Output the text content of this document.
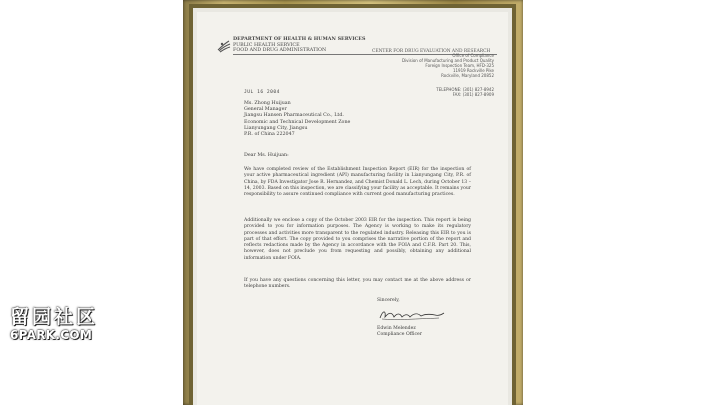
DEPARTMENT OF HEALTH & HUMAN SERVICES
PUBLIC HEALTH SERVICE
FOOD AND DRUG ADMINISTRATION	CENTER FOR DRUG EVALUATION AND RESEARCH
Office of Compliance
Division of Manufacturing and Product Quality
Foreign Inspection Team, HFD-325
11919 Rockville Pike
Rockville, Maryland 20852
TELEPHONE: (301) 827-8942
FAX: (301) 827-8909
JUL 16 2004
Ms. Zhong Huijuan
General Manager
Jiangsu Hansen Pharmaceutical Co., Ltd.
Economic and Technical Development Zone
Lianyungang City, Jiangsu
P.R. of China 222047
Dear Ms. Huijuan:
We have completed review of the Establishment Inspection Report (EIR) for the inspection of your active pharmaceutical ingredient (API) manufacturing facility in Lianyungang City, P.R. of China, by FDA Investigator Jose R. Hernandez, and Chemist Donald L. Lech, during October 13 – 14, 2003. Based on this inspection, we are classifying your facility as acceptable. It remains your responsibility to assure continued compliance with current good manufacturing practices.
Additionally we enclose a copy of the October 2003 EIR for the inspection. This report is being provided to you for information purposes. The Agency is working to make its regulatory processes and activities more transparent to the regulated industry. Releasing this EIR to you is part of that effort. The copy provided to you comprises the narrative portion of the report and reflects redactions made by the Agency in accordance with the FOIA and C.F.R. Part 20. This, however, does not preclude you from requesting and possibly, obtaining any additional information under FOIA.
If you have any questions concerning this letter, you may contact me at the above address or telephone numbers.
Sincerely,
Edwin Melendez
Compliance Officer
留园社区
6PARK.COM
